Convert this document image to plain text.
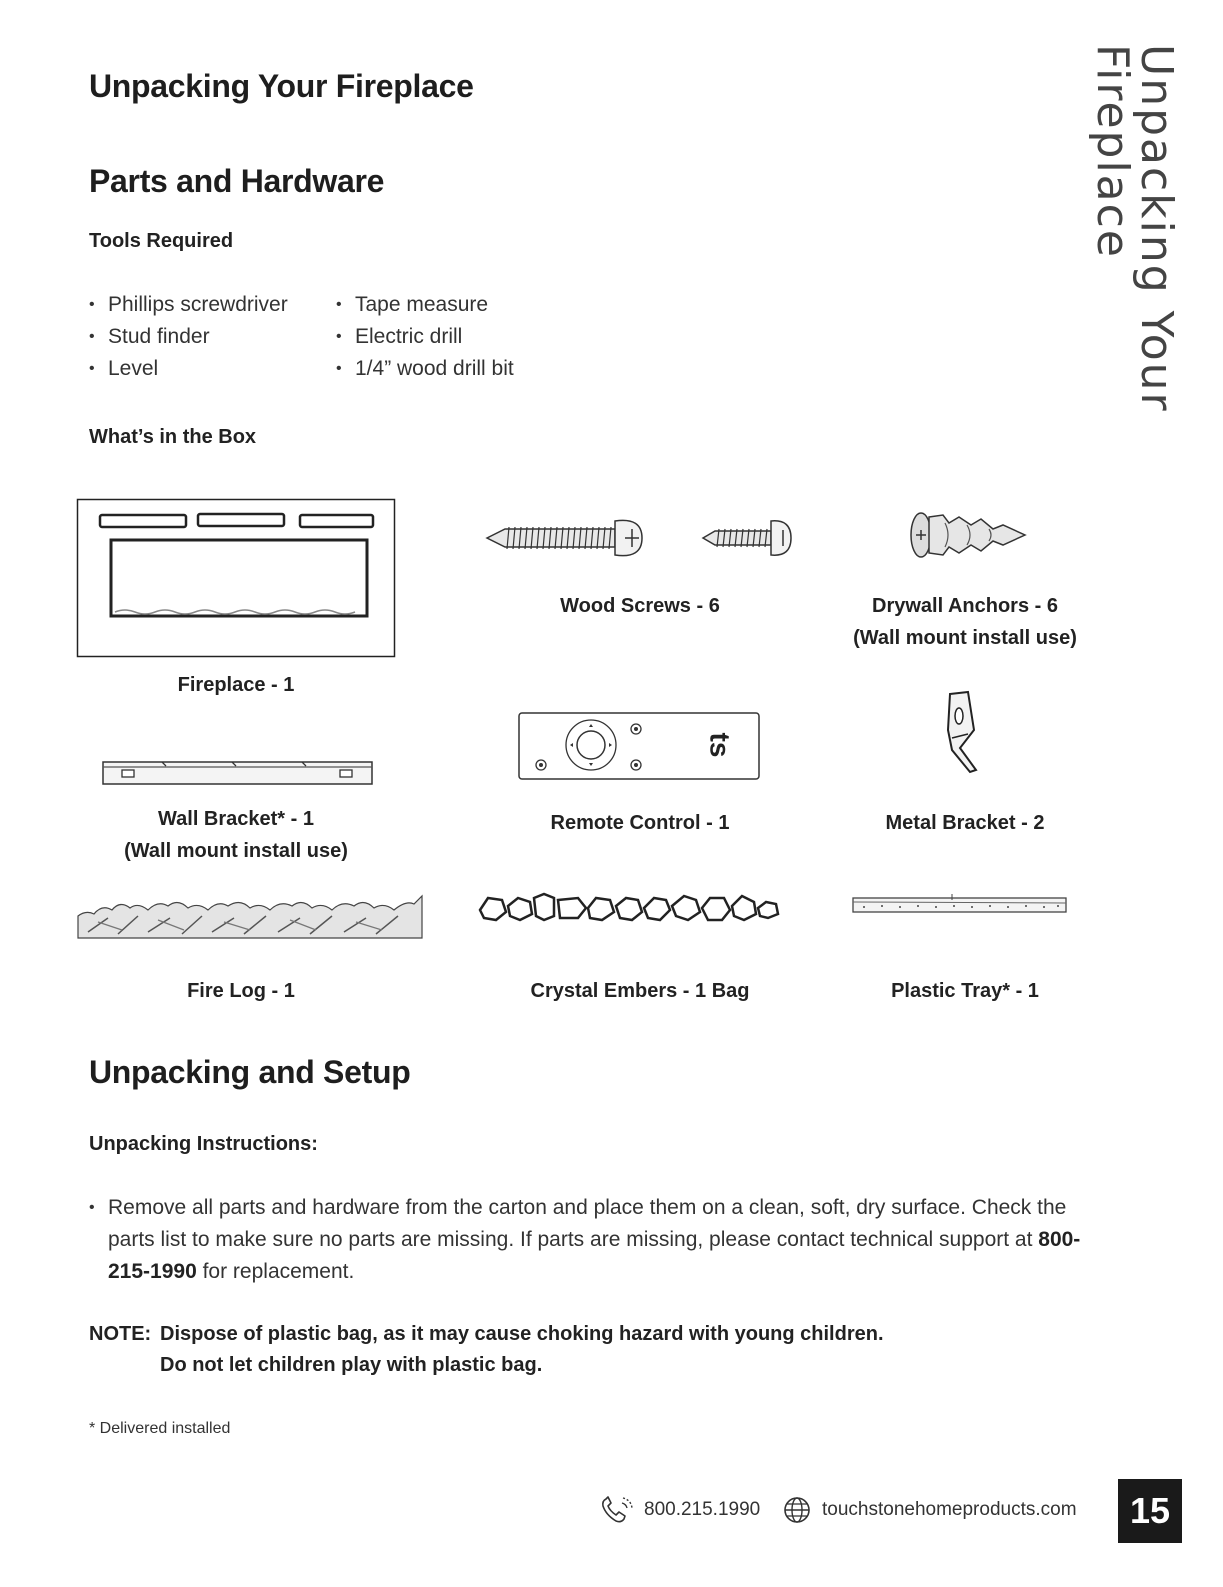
Unpacking Your Fireplace	Unpacking Your Fireplace
Parts and Hardware
Tools Required
• Phillips screwdriver
• Stud finder
• Level
• Tape measure
• Electric drill
• 1/4” wood drill bit
What’s in the Box
ts
Fireplace - 1
Wood Screws - 6	Drywall Anchors - 6
(Wall mount install use)
Wall Bracket* - 1
(Wall mount install use)
Remote Control - 1	Metal Bracket - 2
Fire Log - 1	Crystal Embers - 1 Bag	Plastic Tray* - 1
Unpacking and Setup
Unpacking Instructions:
• Remove all parts and hardware from the carton and place them on a clean, soft, dry surface. Check the parts list to make sure no parts are missing. If parts are missing, please contact technical support at 800-215-1990 for replacement.
NOTE: Dispose of plastic bag, as it may cause choking hazard with young children.
Do not let children play with plastic bag.
* Delivered installed
800.215.1990	touchstonehomeproducts.com	15
